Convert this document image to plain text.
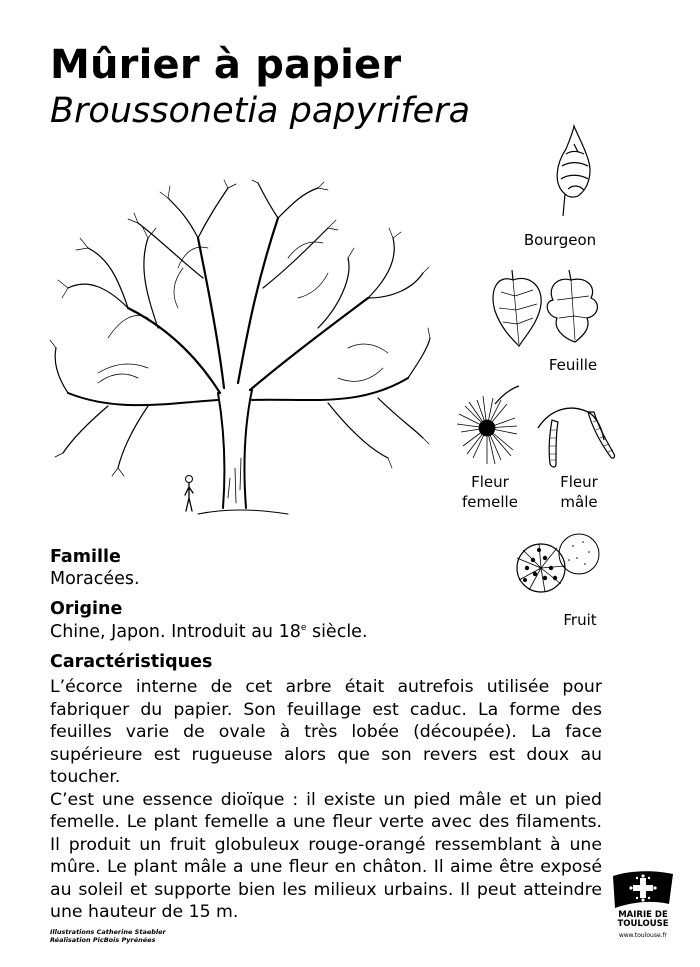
Mûrier à papier
Broussonetia papyrifera
Bourgeon
Feuille
Fleur
femelle
Fleur
mâle
Fruit
Famille
Moracées.
Origine
Chine, Japon. Introduit au 18e siècle.
Caractéristiques

L’écorce interne de cet arbre était autrefois utilisée pour fabriquer du papier. Son feuillage est caduc. La forme des feuilles varie de ovale à très lobée (découpée). La face supérieure est rugueuse alors que son revers est doux au toucher.

C’est une essence dioïque : il existe un pied mâle et un pied femelle. Le plant femelle a une fleur verte avec des filaments. Il produit un fruit globuleux rouge-orangé ressemblant à une mûre. Le plant mâle a une fleur en châton. Il aime être exposé au soleil et supporte bien les milieux urbains. Il peut atteindre une hauteur de 15 m.

Illustrations Catherine Staebler
Réalisation PicBois Pyrénées
MAIRIE DE
TOULOUSE
www.toulouse.fr
